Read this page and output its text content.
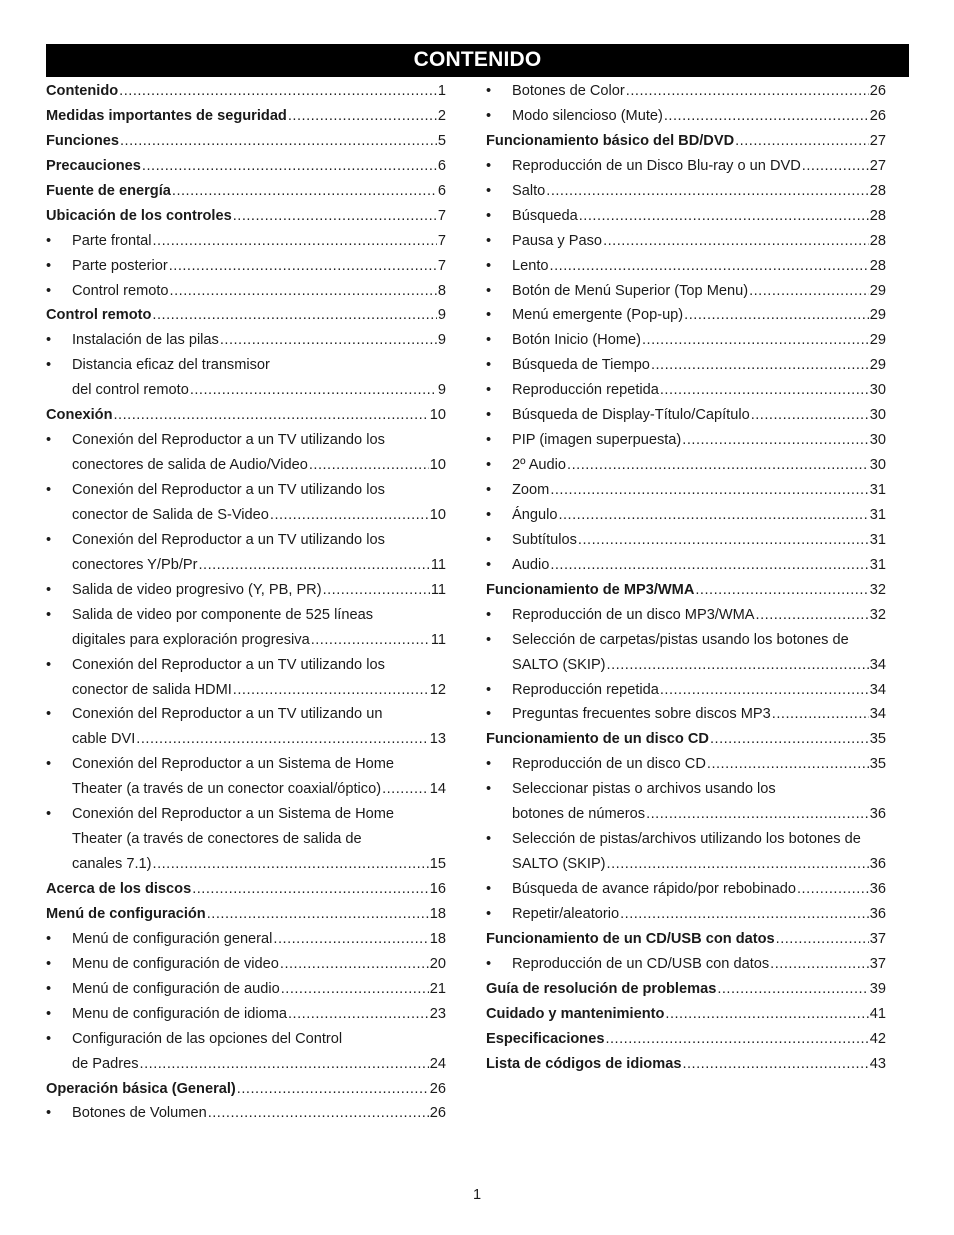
CONTENIDO
Contenido .....	1
Medidas importantes de seguridad .....	2
Funciones .....	5
Precauciones .....	6
Fuente de energía .....	6
Ubicación de los controles .....	7
•	Parte frontal .....	7
•	Parte posterior .....	7
•	Control remoto .....	8
Control remoto .....	9
•	Instalación de las pilas .....	9
•	Distancia eficaz del transmisor
del control remoto .....	9
Conexión .....	10
•	Conexión del Reproductor a un TV utilizando los
conectores de salida de Audio/Video .....	10
•	Conexión del Reproductor a un TV utilizando los
conector de Salida de S-Video .....	10
•	Conexión del Reproductor a un TV utilizando los
conectores Y/Pb/Pr .....	11
•	Salida de video progresivo (Y, PB, PR) .....	11
•	Salida de video por componente de 525 líneas
digitales para exploración progresiva .....	11
•	Conexión del Reproductor a un TV utilizando los
conector de salida HDMI .....	12
•	Conexión del Reproductor a un TV utilizando un
cable DVI .....	13
•	Conexión del Reproductor a un Sistema de Home
Theater (a través de un conector coaxial/óptico) .....	14
•	Conexión del Reproductor a un Sistema de Home
Theater (a través de conectores de salida de
canales 7.1) .....	15
Acerca de los discos .....	16
Menú de configuración .....	18
•	Menú de configuración general .....	18
•	Menu de configuración de video .....	20
•	Menú de configuración de audio .....	21
•	Menu de configuración de idioma .....	23
•	Configuración de las opciones del Control
de Padres .....	24
Operación básica (General) .....	26
•	Botones de Volumen .....	26
•	Botones de Color .....	26
•	Modo silencioso (Mute) .....	26
Funcionamiento básico del BD/DVD .....	27
•	Reproducción de un Disco Blu-ray o un DVD .....	27
•	Salto .....	28
•	Búsqueda .....	28
•	Pausa y Paso .....	28
•	Lento .....	28
•	Botón de Menú Superior (Top Menu) .....	29
•	Menú emergente (Pop-up) .....	29
•	Botón Inicio (Home) .....	29
•	Búsqueda de Tiempo .....	29
•	Reproducción repetida .....	30
•	Búsqueda de Display-Título/Capítulo .....	30
•	PIP (imagen superpuesta) .....	30
•	2º Audio .....	30
•	Zoom .....	31
•	Ángulo .....	31
•	Subtítulos .....	31
•	Audio .....	31
Funcionamiento de MP3/WMA .....	32
•	Reproducción de un disco MP3/WMA .....	32
•	Selección de carpetas/pistas usando los botones de
SALTO (SKIP) .....	34
•	Reproducción repetida .....	34
•	Preguntas frecuentes sobre discos MP3 .....	34
Funcionamiento de un disco CD .....	35
•	Reproducción de un disco CD .....	35
•	Seleccionar pistas o archivos usando los
botones de números .....	36
•	Selección de pistas/archivos utilizando los botones de
SALTO (SKIP) .....	36
•	Búsqueda de avance rápido/por rebobinado .....	36
•	Repetir/aleatorio .....	36
Funcionamiento de un CD/USB con datos .....	37
•	Reproducción de un CD/USB con datos .....	37
Guía de resolución de problemas .....	39
Cuidado y mantenimiento .....	41
Especificaciones .....	42
Lista de códigos de idiomas .....	43
1
